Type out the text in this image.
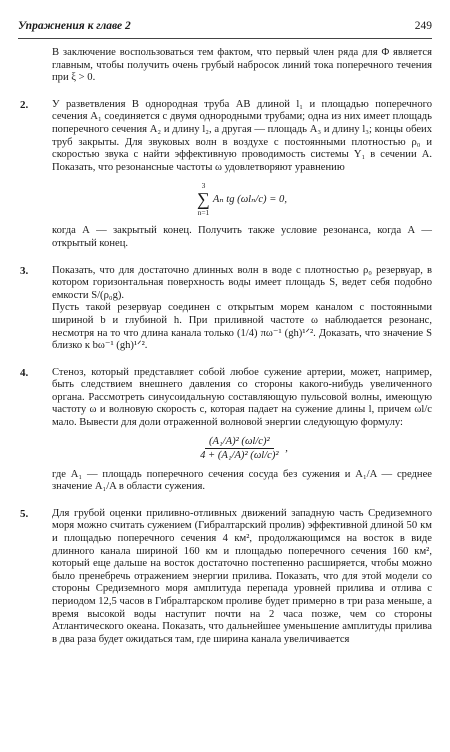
Упражнения к главе 2	249

В заключение воспользоваться тем фактом, что первый член ряда для Φ является главным, чтобы получить очень грубый набросок линий тока поперечного течения при ξ > 0.

2. У разветвления В однородная труба АВ длиной l₁ и площадью поперечного сечения A₁ соединяется с двумя однородными трубами; одна из них имеет площадь поперечного сечения A₂ и длину l₂, а другая — площадь A₃ и длину l₃; концы обеих труб закрыты. Для звуковых волн в воздухе с постоянными плотностью ρ₀ и скоростью звука c найти эффективную проводимость системы Y₁ в сечении А. Показать, что резонансные частоты ω удовлетворяют уравнению

3
∑
n=1
Aₙ tg (ωlₙ/c) = 0,

когда А — закрытый конец. Получить также условие резонанса, когда А — открытый конец.

3. Показать, что для достаточно длинных волн в воде с плотностью ρ₀ резервуар, в котором горизонтальная поверхность воды имеет площадь S, ведет себя подобно емкости S/(ρ₀g).

Пусть такой резервуар соединен с открытым морем каналом с постоянными шириной b и глубиной h. При приливной частоте ω наблюдается резонанс, несмотря на то что длина канала только (1/4) πω⁻¹ (gh)¹ᐟ². Доказать, что значение S близко к bω⁻¹ (gh)¹ᐟ².

4. Стеноз, который представляет собой любое сужение артерии, может, например, быть следствием внешнего давления со стороны какого-нибудь увеличенного органа. Рассмотреть синусоидальную составляющую пульсовой волны, имеющую частоту ω и волновую скорость c, которая падает на сужение длины l, причем ωl/c мало. Вывести для доли отраженной волновой энергии следующую формулу:

$\frac{\text{(A₁/A)² (ωl/c)²}}{\text{4 + (A₁/A)² (ωl/c)²}}$ ,

где A₁ — площадь поперечного сечения сосуда без сужения и A₁/A — среднее значение A₁/A в области сужения.

5. Для грубой оценки приливно-отливных движений западную часть Средиземного моря можно считать сужением (Гибралтарский пролив) эффективной длиной 50 км и площадью поперечного сечения 4 км², продолжающимся на восток в виде длинного канала шириной 160 км и площадью поперечного сечения 160 км², который еще дальше на восток достаточно постепенно расширяется, чтобы можно было пренебречь отражением энергии прилива. Показать, что для этой модели со стороны Средиземного моря амплитуда перепада уровней прилива и отлива с периодом 12,5 часов в Гибралтарском проливе будет примерно в три раза меньше, а время высокой воды наступит почти на 2 часа позже, чем со стороны Атлантического океана. Показать, что дальнейшее уменьшение амплитуды прилива в два раза будет ожидаться там, где ширина канала увеличивается
